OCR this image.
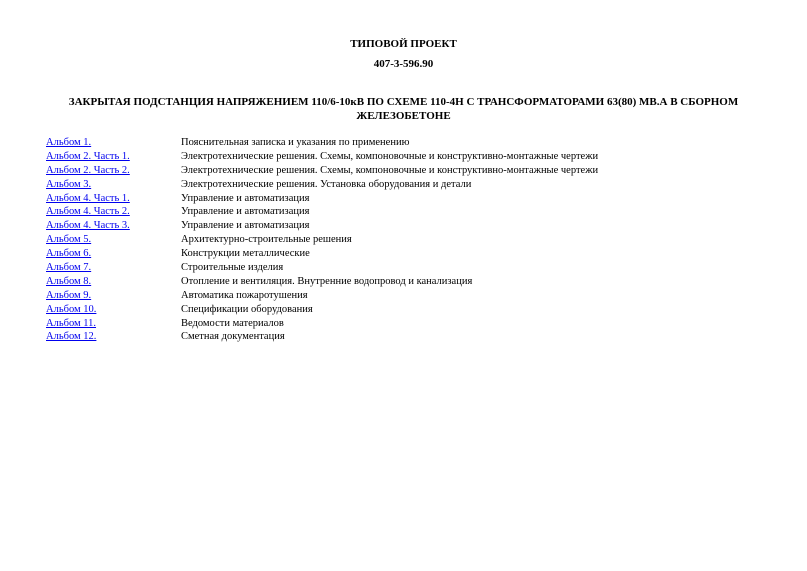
ТИПОВОЙ ПРОЕКТ
407-3-596.90
ЗАКРЫТАЯ ПОДСТАНЦИЯ НАПРЯЖЕНИЕМ 110/6-10кВ ПО СХЕМЕ 110-4Н С ТРАНСФОРМАТОРАМИ 63(80) МВ.А В СБОРНОМ ЖЕЛЕЗОБЕТОНЕ
Альбом 1.	Пояснительная записка и указания по применению
Альбом 2. Часть 1.	Электротехнические решения. Схемы, компоновочные и конструктивно-монтажные чертежи
Альбом 2. Часть 2.	Электротехнические решения. Схемы, компоновочные и конструктивно-монтажные чертежи
Альбом 3.	Электротехнические решения. Установка оборудования и детали
Альбом 4. Часть 1.	Управление и автоматизация
Альбом 4. Часть 2.	Управление и автоматизация
Альбом 4. Часть 3.	Управление и автоматизация
Альбом 5.	Архитектурно-строительные решения
Альбом 6.	Конструкции металлические
Альбом 7.	Строительные изделия
Альбом 8.	Отопление и вентиляция. Внутренние водопровод и канализация
Альбом 9.	Автоматика пожаротушения
Альбом 10.	Спецификации оборудования
Альбом 11.	Ведомости материалов
Альбом 12.	Сметная документация
